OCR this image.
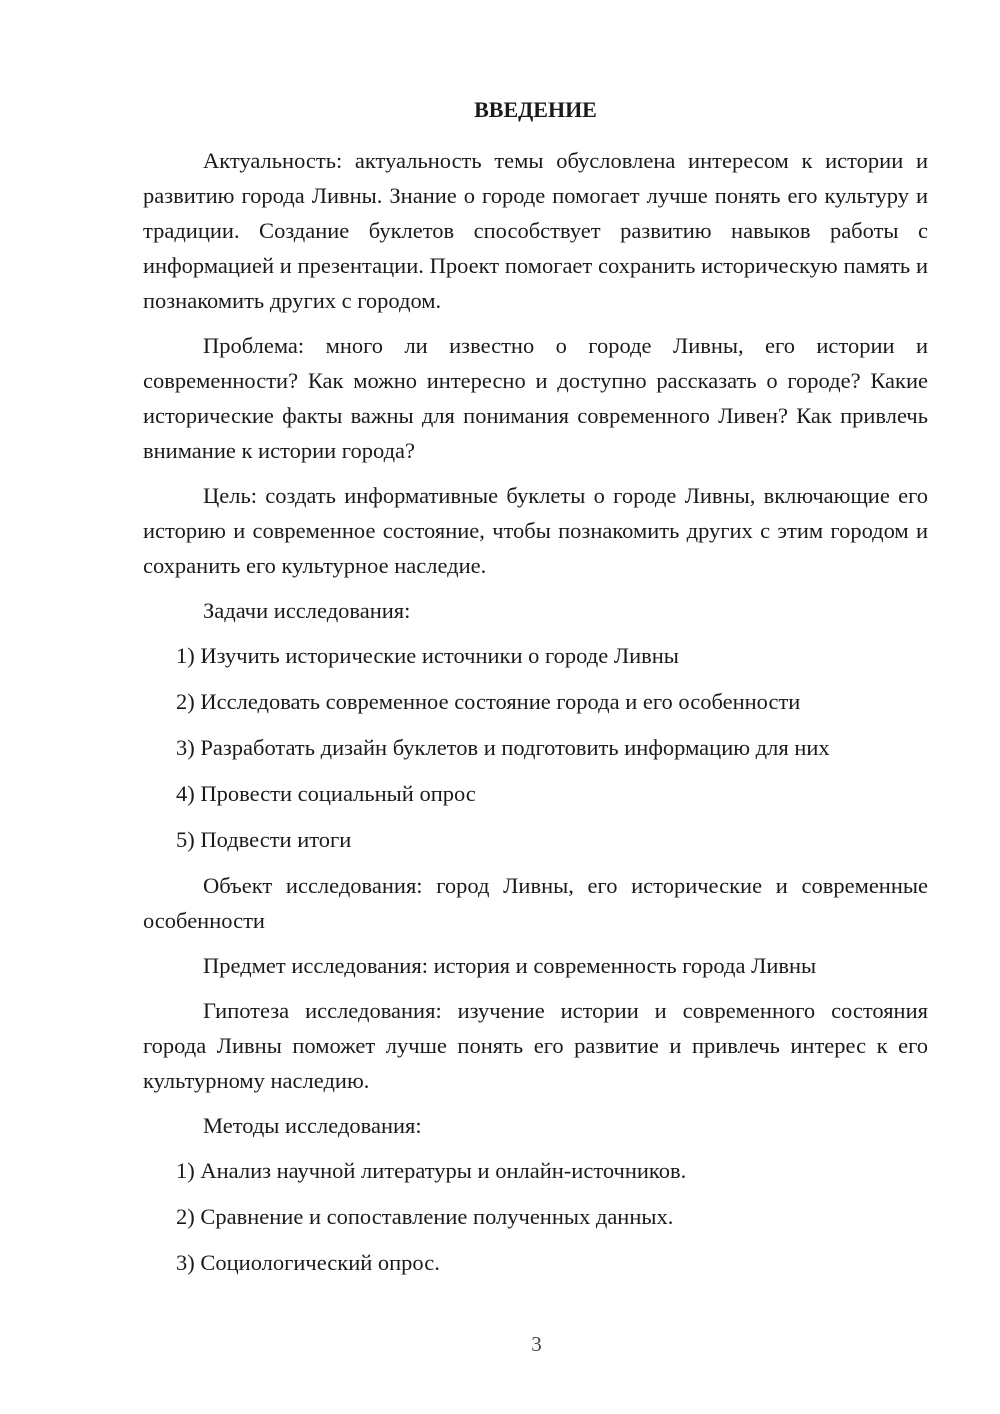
ВВЕДЕНИЕ

Актуальность: актуальность темы обусловлена интересом к истории и развитию города Ливны. Знание о городе помогает лучше понять его культуру и традиции. Создание буклетов способствует развитию навыков работы с информацией и презентации. Проект помогает сохранить историческую память и познакомить других с городом.

Проблема: много ли известно о городе Ливны, его истории и современности? Как можно интересно и доступно рассказать о городе? Какие исторические факты важны для понимания современного Ливен? Как привлечь внимание к истории города?

Цель: создать информативные буклеты о городе Ливны, включающие его историю и современное состояние, чтобы познакомить других с этим городом и сохранить его культурное наследие.

Задачи исследования:

1) Изучить исторические источники о городе Ливны
2) Исследовать современное состояние города и его особенности
3) Разработать дизайн буклетов и подготовить информацию для них
4) Провести социальный опрос
5) Подвести итоги

Объект исследования: город Ливны, его исторические и современные особенности

Предмет исследования: история и современность города Ливны

Гипотеза исследования: изучение истории и современного состояния города Ливны поможет лучше понять его развитие и привлечь интерес к его культурному наследию.

Методы исследования:

1) Анализ научной литературы и онлайн-источников.
2) Сравнение и сопоставление полученных данных.
3) Социологический опрос.
3
